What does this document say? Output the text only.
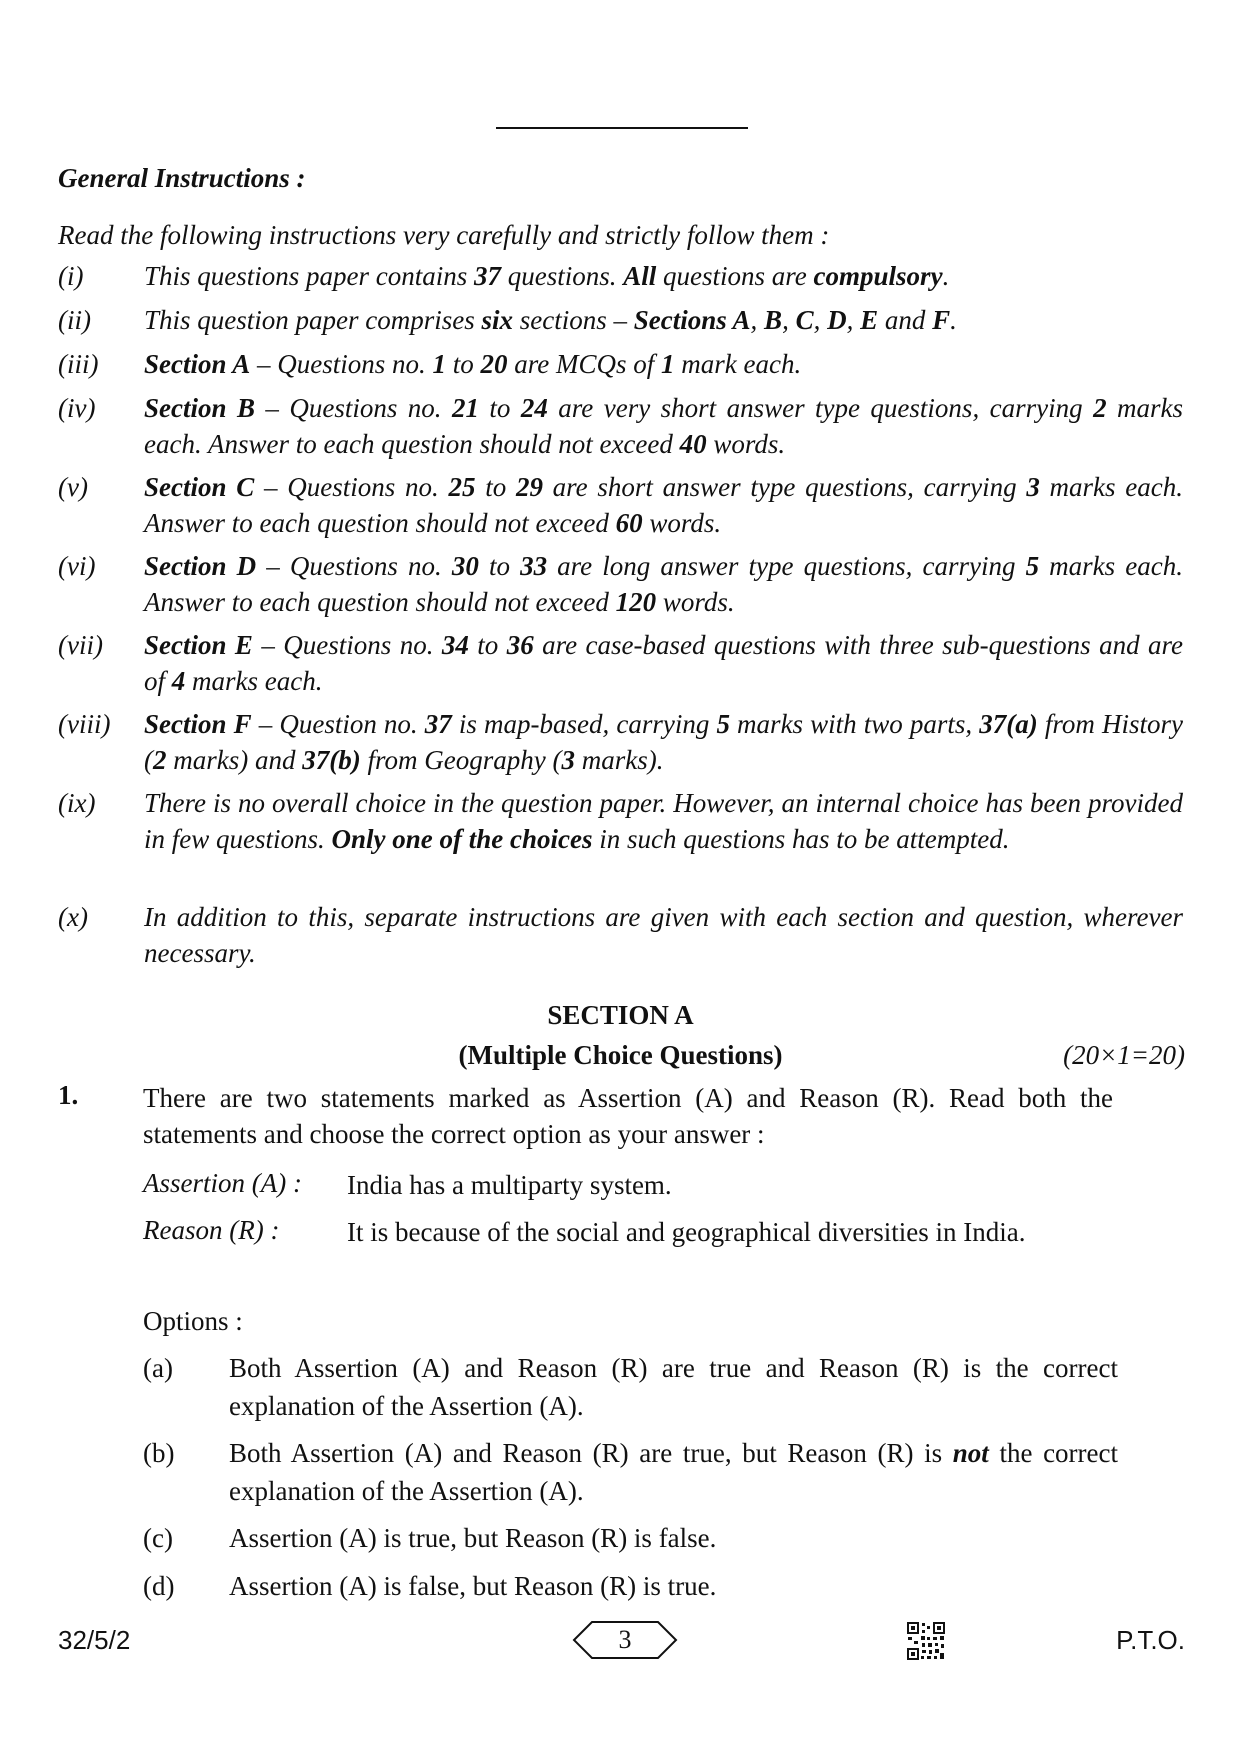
General Instructions :
Read the following instructions very carefully and strictly follow them :
(i) This questions paper contains 37 questions. All questions are compulsory.
(ii) This question paper comprises six sections – Sections A, B, C, D, E and F.
(iii) Section A – Questions no. 1 to 20 are MCQs of 1 mark each.
(iv) Section B – Questions no. 21 to 24 are very short answer type questions, carrying 2 marks each. Answer to each question should not exceed 40 words.
(v) Section C – Questions no. 25 to 29 are short answer type questions, carrying 3 marks each. Answer to each question should not exceed 60 words.
(vi) Section D – Questions no. 30 to 33 are long answer type questions, carrying 5 marks each. Answer to each question should not exceed 120 words.
(vii) Section E – Questions no. 34 to 36 are case-based questions with three sub-questions and are of 4 marks each.
(viii) Section F – Question no. 37 is map-based, carrying 5 marks with two parts, 37(a) from History (2 marks) and 37(b) from Geography (3 marks).
(ix) There is no overall choice in the question paper. However, an internal choice has been provided in few questions. Only one of the choices in such questions has to be attempted.
(x) In addition to this, separate instructions are given with each section and question, wherever necessary.
SECTION A
(Multiple Choice Questions)	(20×1=20)
1. There are two statements marked as Assertion (A) and Reason (R). Read both the statements and choose the correct option as your answer :
Assertion (A) : India has a multiparty system.
Reason (R) :	It is because of the social and geographical diversities in India.
Options :
(a) Both Assertion (A) and Reason (R) are true and Reason (R) is the correct explanation of the Assertion (A).
(b) Both Assertion (A) and Reason (R) are true, but Reason (R) is not the correct explanation of the Assertion (A).
(c) Assertion (A) is true, but Reason (R) is false.
(d) Assertion (A) is false, but Reason (R) is true.
32/5/2	3	P.T.O.
